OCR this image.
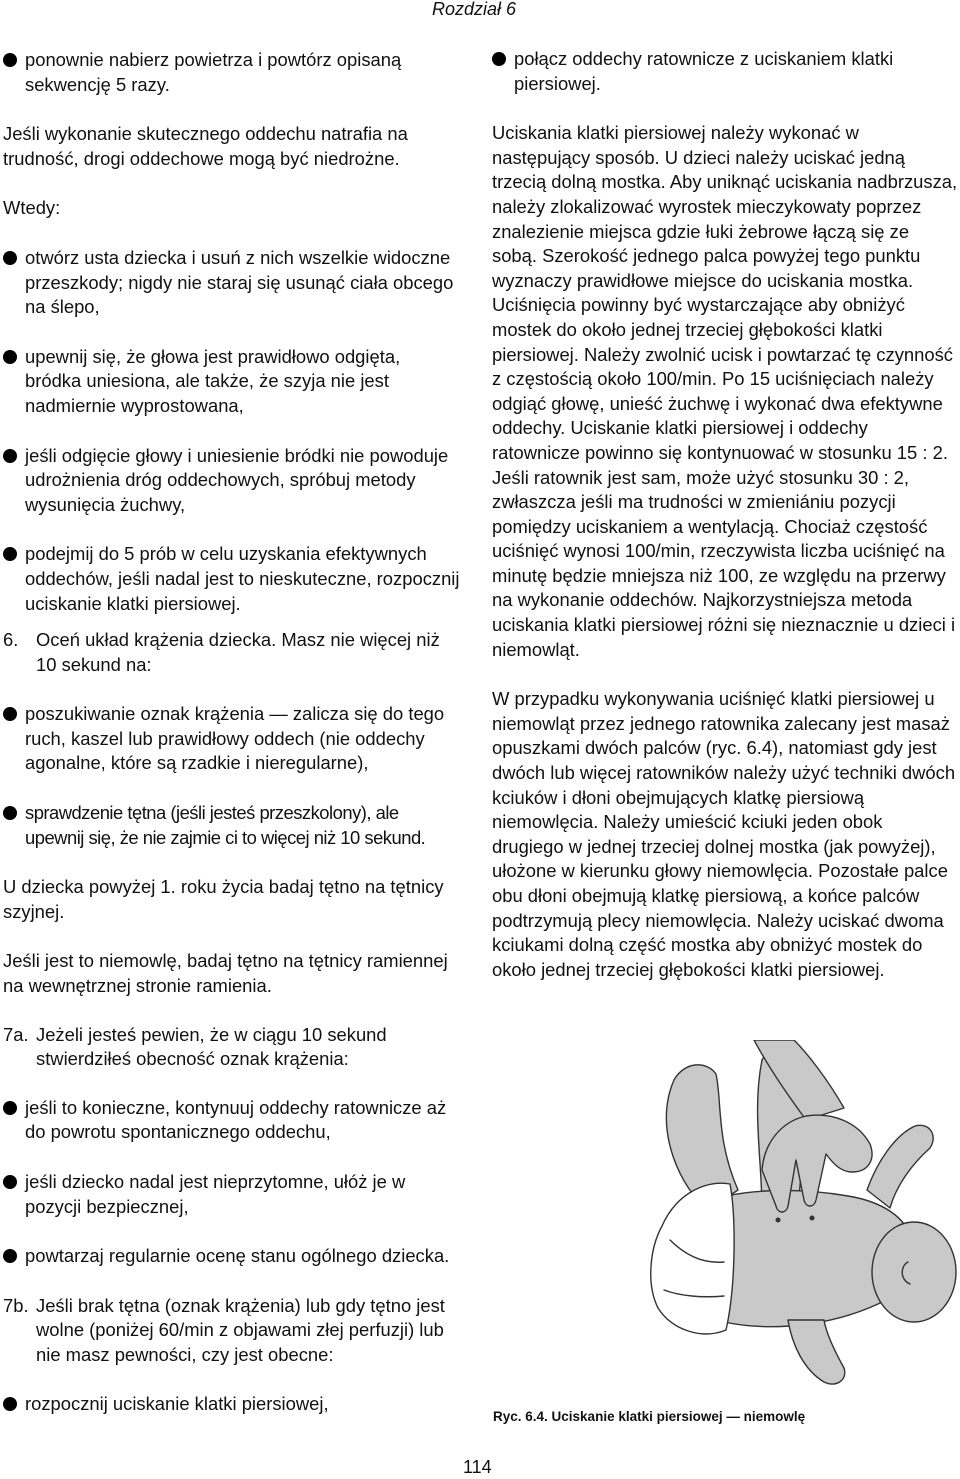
Rozdział 6
ponownie nabierz powietrza i powtórz opisaną sekwencję 5 razy.

Jeśli wykonanie skutecznego oddechu natrafia na trudność, drogi oddechowe mogą być niedrożne.

Wtedy:

otwórz usta dziecka i usuń z nich wszelkie widoczne przeszkody; nigdy nie staraj się usunąć ciała obcego na ślepo,
upewnij się, że głowa jest prawidłowo odgięta, bródka uniesiona, ale także, że szyja nie jest nadmiernie wyprostowana,
jeśli odgięcie głowy i uniesienie bródki nie powoduje udrożnienia dróg oddechowych, spróbuj metody wysunięcia żuchwy,
podejmij do 5 prób w celu uzyskania efektywnych oddechów, jeśli nadal jest to nieskuteczne, rozpocznij uciskanie klatki piersiowej.
6. Oceń układ krążenia dziecka. Masz nie więcej niż 10 sekund na:
poszukiwanie oznak krążenia — zalicza się do tego ruch, kaszel lub prawidłowy oddech (nie oddechy agonalne, które są rzadkie i nieregularne),
sprawdzenie tętna (jeśli jesteś przeszkolony), ale upewnij się, że nie zajmie ci to więcej niż 10 sekund.

U dziecka powyżej 1. roku życia badaj tętno na tętnicy szyjnej.

Jeśli jest to niemowlę, badaj tętno na tętnicy ramiennej na wewnętrznej stronie ramienia.

7a. Jeżeli jesteś pewien, że w ciągu 10 sekund stwierdziłeś obecność oznak krążenia:
jeśli to konieczne, kontynuuj oddechy ratownicze aż do powrotu spontanicznego oddechu,
jeśli dziecko nadal jest nieprzytomne, ułóż je w pozycji bezpiecznej,
powtarzaj regularnie ocenę stanu ogólnego dziecka.
7b. Jeśli brak tętna (oznak krążenia) lub gdy tętno jest wolne (poniżej 60/min z objawami złej perfuzji) lub nie masz pewności, czy jest obecne:
rozpocznij uciskanie klatki piersiowej,
połącz oddechy ratownicze z uciskaniem klatki piersiowej.

Uciskania klatki piersiowej należy wykonać w następujący sposób. U dzieci należy uciskać jedną trzecią dolną mostka. Aby uniknąć uciskania nadbrzusza, należy zlokalizować wyrostek mieczykowaty poprzez znalezienie miejsca gdzie łuki żebrowe łączą się ze sobą. Szerokość jednego palca powyżej tego punktu wyznaczy prawidłowe miejsce do uciskania mostka. Uciśnięcia powinny być wystarczające aby obniżyć mostek do około jednej trzeciej głębokości klatki piersiowej. Należy zwolnić ucisk i powtarzać tę czynność z częstością około 100/min. Po 15 uciśnięciach należy odgiąć głowę, unieść żuchwę i wykonać dwa efektywne oddechy. Uciskanie klatki piersiowej i oddechy ratownicze powinno się kontynuować w stosunku 15 : 2. Jeśli ratownik jest sam, może użyć stosunku 30 : 2, zwłaszcza jeśli ma trudności w zmieniániu pozycji pomiędzy uciskaniem a wentylacją. Chociaż częstość uciśnięć wynosi 100/min, rzeczywista liczba uciśnięć na minutę będzie mniejsza niż 100, ze względu na przerwy na wykonanie oddechów. Najkorzystniejsza metoda uciskania klatki piersiowej różni się nieznacznie u dzieci i niemowląt.

W przypadku wykonywania uciśnięć klatki piersiowej u niemowląt przez jednego ratownika zalecany jest masaż opuszkami dwóch palców (ryc. 6.4), natomiast gdy jest dwóch lub więcej ratowników należy użyć techniki dwóch kciuków i dłoni obejmujących klatkę piersiową niemowlęcia. Należy umieścić kciuki jeden obok drugiego w jednej trzeciej dolnej mostka (jak powyżej), ułożone w kierunku głowy niemowlęcia. Pozostałe palce obu dłoni obejmują klatkę piersiową, a końce palców podtrzymują plecy niemowlęcia. Należy uciskać dwoma kciukami dolną część mostka aby obniżyć mostek do około jednej trzeciej głębokości klatki piersiowej.

Ryc. 6.4. Uciskanie klatki piersiowej — niemowlę
114
